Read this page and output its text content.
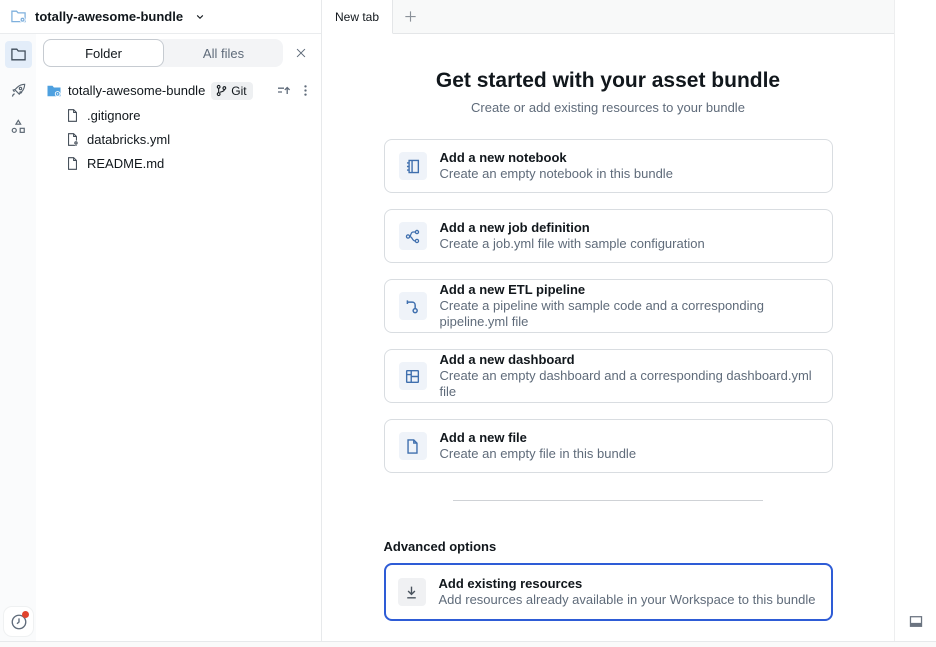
totally-awesome-bundle
Folder	All files
totally-awesome-bundle Git
.gitignore
databricks.yml
README.md
New tab
Get started with your asset bundle

Create or add existing resources to your bundle

Add a new notebook
Create an empty notebook in this bundle
Add a new job definition
Create a job.yml file with sample configuration
Add a new ETL pipeline
Create a pipeline with sample code and a corresponding pipeline.yml file
Add a new dashboard
Create an empty dashboard and a corresponding dashboard.yml file
Add a new file
Create an empty file in this bundle
Advanced options
Add existing resources
Add resources already available in your Workspace to this bundle
